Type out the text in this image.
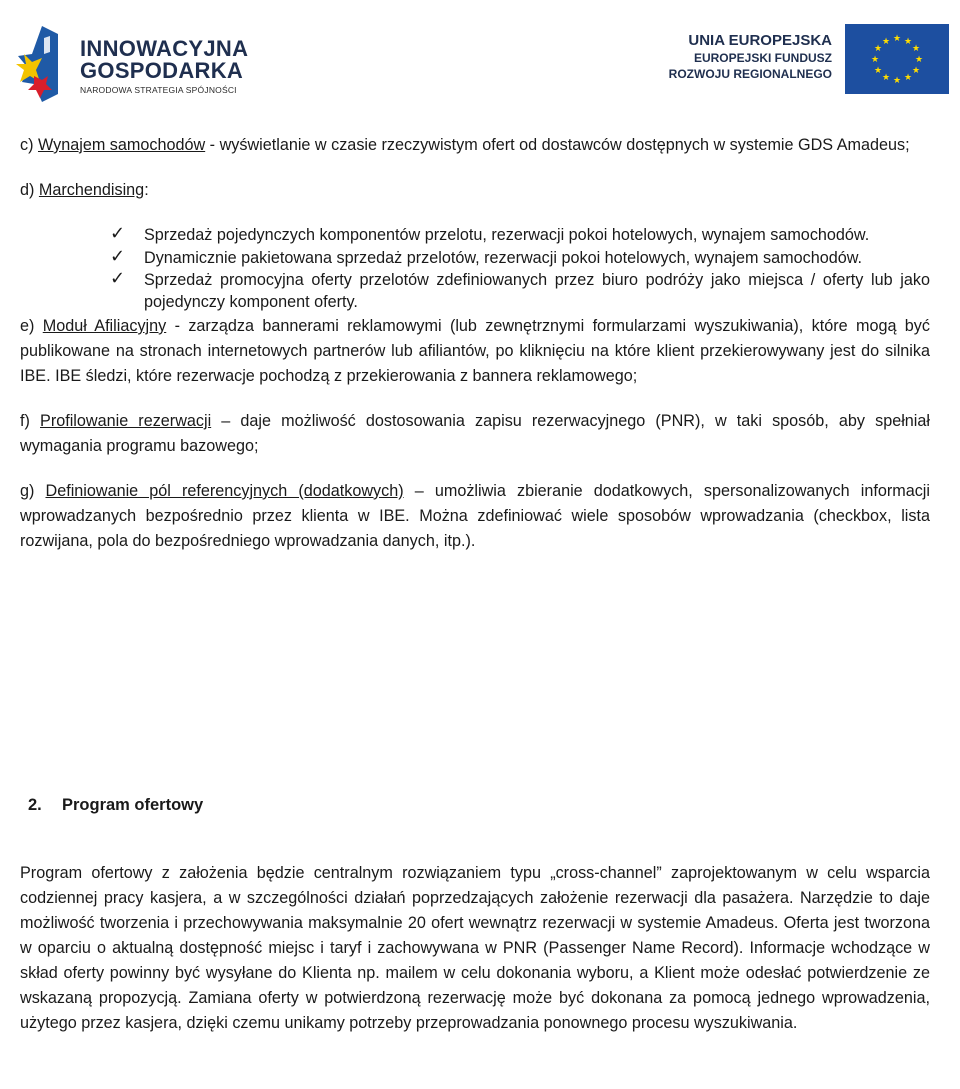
INNOWACYJNA
GOSPODARKA
NARODOWA STRATEGIA SPÓJNOŚCI
UNIA EUROPEJSKA
EUROPEJSKI FUNDUSZ
ROZWOJU REGIONALNEGO
★ ★
★
★
★
★
★
★
★
★
★
★

c) Wynajem samochodów - wyświetlanie w czasie rzeczywistym ofert od dostawców dostępnych w systemie GDS Amadeus;

d) Marchendising:

✓ Sprzedaż pojedynczych komponentów przelotu, rezerwacji pokoi hotelowych, wynajem samochodów.
✓ Dynamicznie pakietowana sprzedaż przelotów, rezerwacji pokoi hotelowych, wynajem samochodów.
✓ Sprzedaż promocyjna oferty przelotów zdefiniowanych przez biuro podróży jako miejsca / oferty lub jako pojedynczy komponent oferty.

e) Moduł Afiliacyjny - zarządza bannerami reklamowymi (lub zewnętrznymi formularzami wyszukiwania), które mogą być publikowane na stronach internetowych partnerów lub afiliantów, po kliknięciu na które klient przekierowywany jest do silnika IBE. IBE śledzi, które rezerwacje pochodzą z przekierowania z bannera reklamowego;

f) Profilowanie rezerwacji – daje możliwość dostosowania zapisu rezerwacyjnego (PNR), w taki sposób, aby spełniał wymagania programu bazowego;

g) Definiowanie pól referencyjnych (dodatkowych) – umożliwia zbieranie dodatkowych, spersonalizowanych informacji wprowadzanych bezpośrednio przez klienta w IBE. Można zdefiniować wiele sposobów wprowadzania (checkbox, lista rozwijana, pola do bezpośredniego wprowadzania danych, itp.).

2. Program ofertowy

Program ofertowy z założenia będzie centralnym rozwiązaniem typu „cross-channel” zaprojektowanym w celu wsparcia codziennej pracy kasjera, a w szczególności działań poprzedzających założenie rezerwacji dla pasażera. Narzędzie to daje możliwość tworzenia i przechowywania maksymalnie 20 ofert wewnątrz rezerwacji w systemie Amadeus. Oferta jest tworzona w oparciu o aktualną dostępność miejsc i taryf i zachowywana w PNR (Passenger Name Record). Informacje wchodzące w skład oferty powinny być wysyłane do Klienta np. mailem w celu dokonania wyboru, a Klient może odesłać potwierdzenie ze wskazaną propozycją. Zamiana oferty w potwierdzoną rezerwację może być dokonana za pomocą jednego wprowadzenia, użytego przez kasjera, dzięki czemu unikamy potrzeby przeprowadzania ponownego procesu wyszukiwania.
